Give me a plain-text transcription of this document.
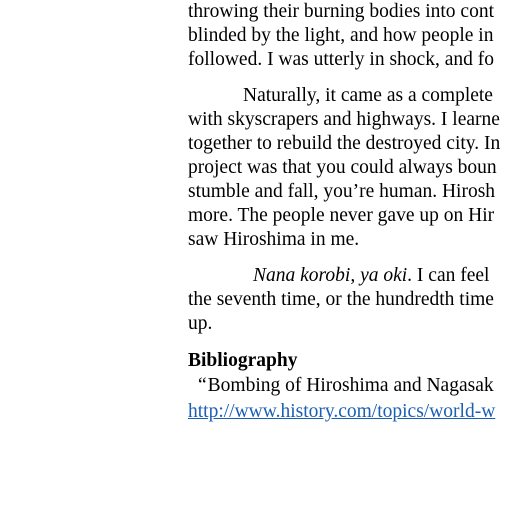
throwing their burning bodies into cont
blinded by the light, and how people in
followed. I was utterly in shock, and fo
Naturally, it came as a complete
with skyscrapers and highways. I learne
together to rebuild the destroyed city. In
project was that you could always boun
stumble and fall, you’re human. Hirosh
more. The people never gave up on Hir
saw Hiroshima in me.
Nana korobi, ya oki. I can feel
the seventh time, or the hundredth time
up.
Bibliography
“Bombing of Hiroshima and Nagasak
http://www.history.com/topics/world-w
